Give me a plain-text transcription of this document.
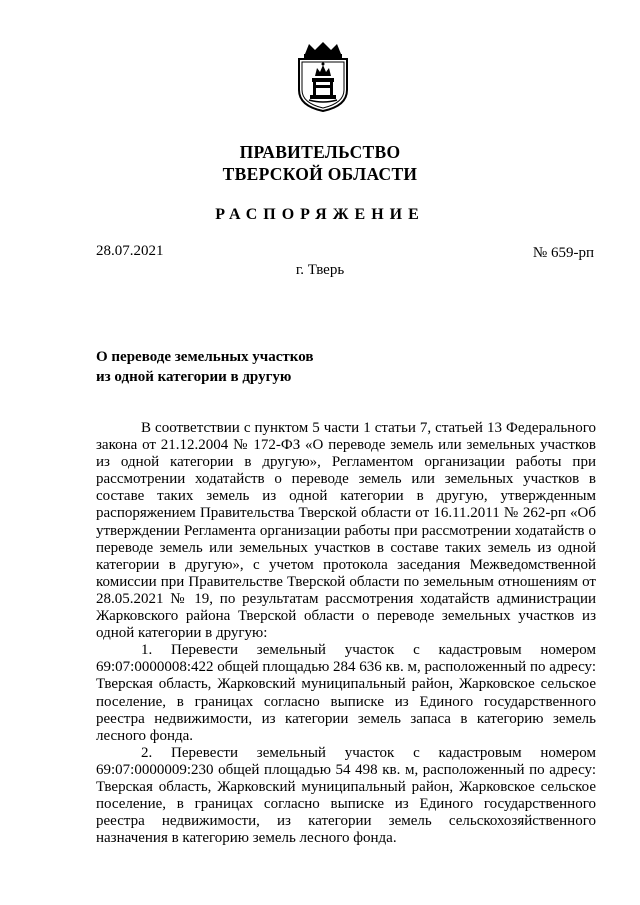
ПРАВИТЕЛЬСТВО
ТВЕРСКОЙ ОБЛАСТИ
РАСПОРЯЖЕНИЕ
28.07.2021	№ 659-рп
г. Тверь
О переводе земельных участков
из одной категории в другую

В соответствии с пунктом 5 части 1 статьи 7, статьей 13 Федерального закона от 21.12.2004 № 172-ФЗ «О переводе земель или земельных участков из одной категории в другую», Регламентом организации работы при рассмотрении ходатайств о переводе земель или земельных участков в составе таких земель из одной категории в другую, утвержденным распоряжением Правительства Тверской области от 16.11.2011 № 262-рп «Об утверждении Регламента организации работы при рассмотрении ходатайств о переводе земель или земельных участков в составе таких земель из одной категории в другую», с учетом протокола заседания Межведомственной комиссии при Правительстве Тверской области по земельным отношениям от 28.05.2021 № 19, по результатам рассмотрения ходатайств администрации Жарковского района Тверской области о переводе земельных участков из одной категории в другую:

1. Перевести земельный участок с кадастровым номером 69:07:0000008:422 общей площадью 284 636 кв. м, расположенный по адресу: Тверская область, Жарковский муниципальный район, Жарковское сельское поселение, в границах согласно выписке из Единого государственного реестра недвижимости, из категории земель запаса в категорию земель лесного фонда.

2. Перевести земельный участок с кадастровым номером 69:07:0000009:230 общей площадью 54 498 кв. м, расположенный по адресу: Тверская область, Жарковский муниципальный район, Жарковское сельское поселение, в границах согласно выписке из Единого государственного реестра недвижимости, из категории земель сельскохозяйственного назначения в категорию земель лесного фонда.
